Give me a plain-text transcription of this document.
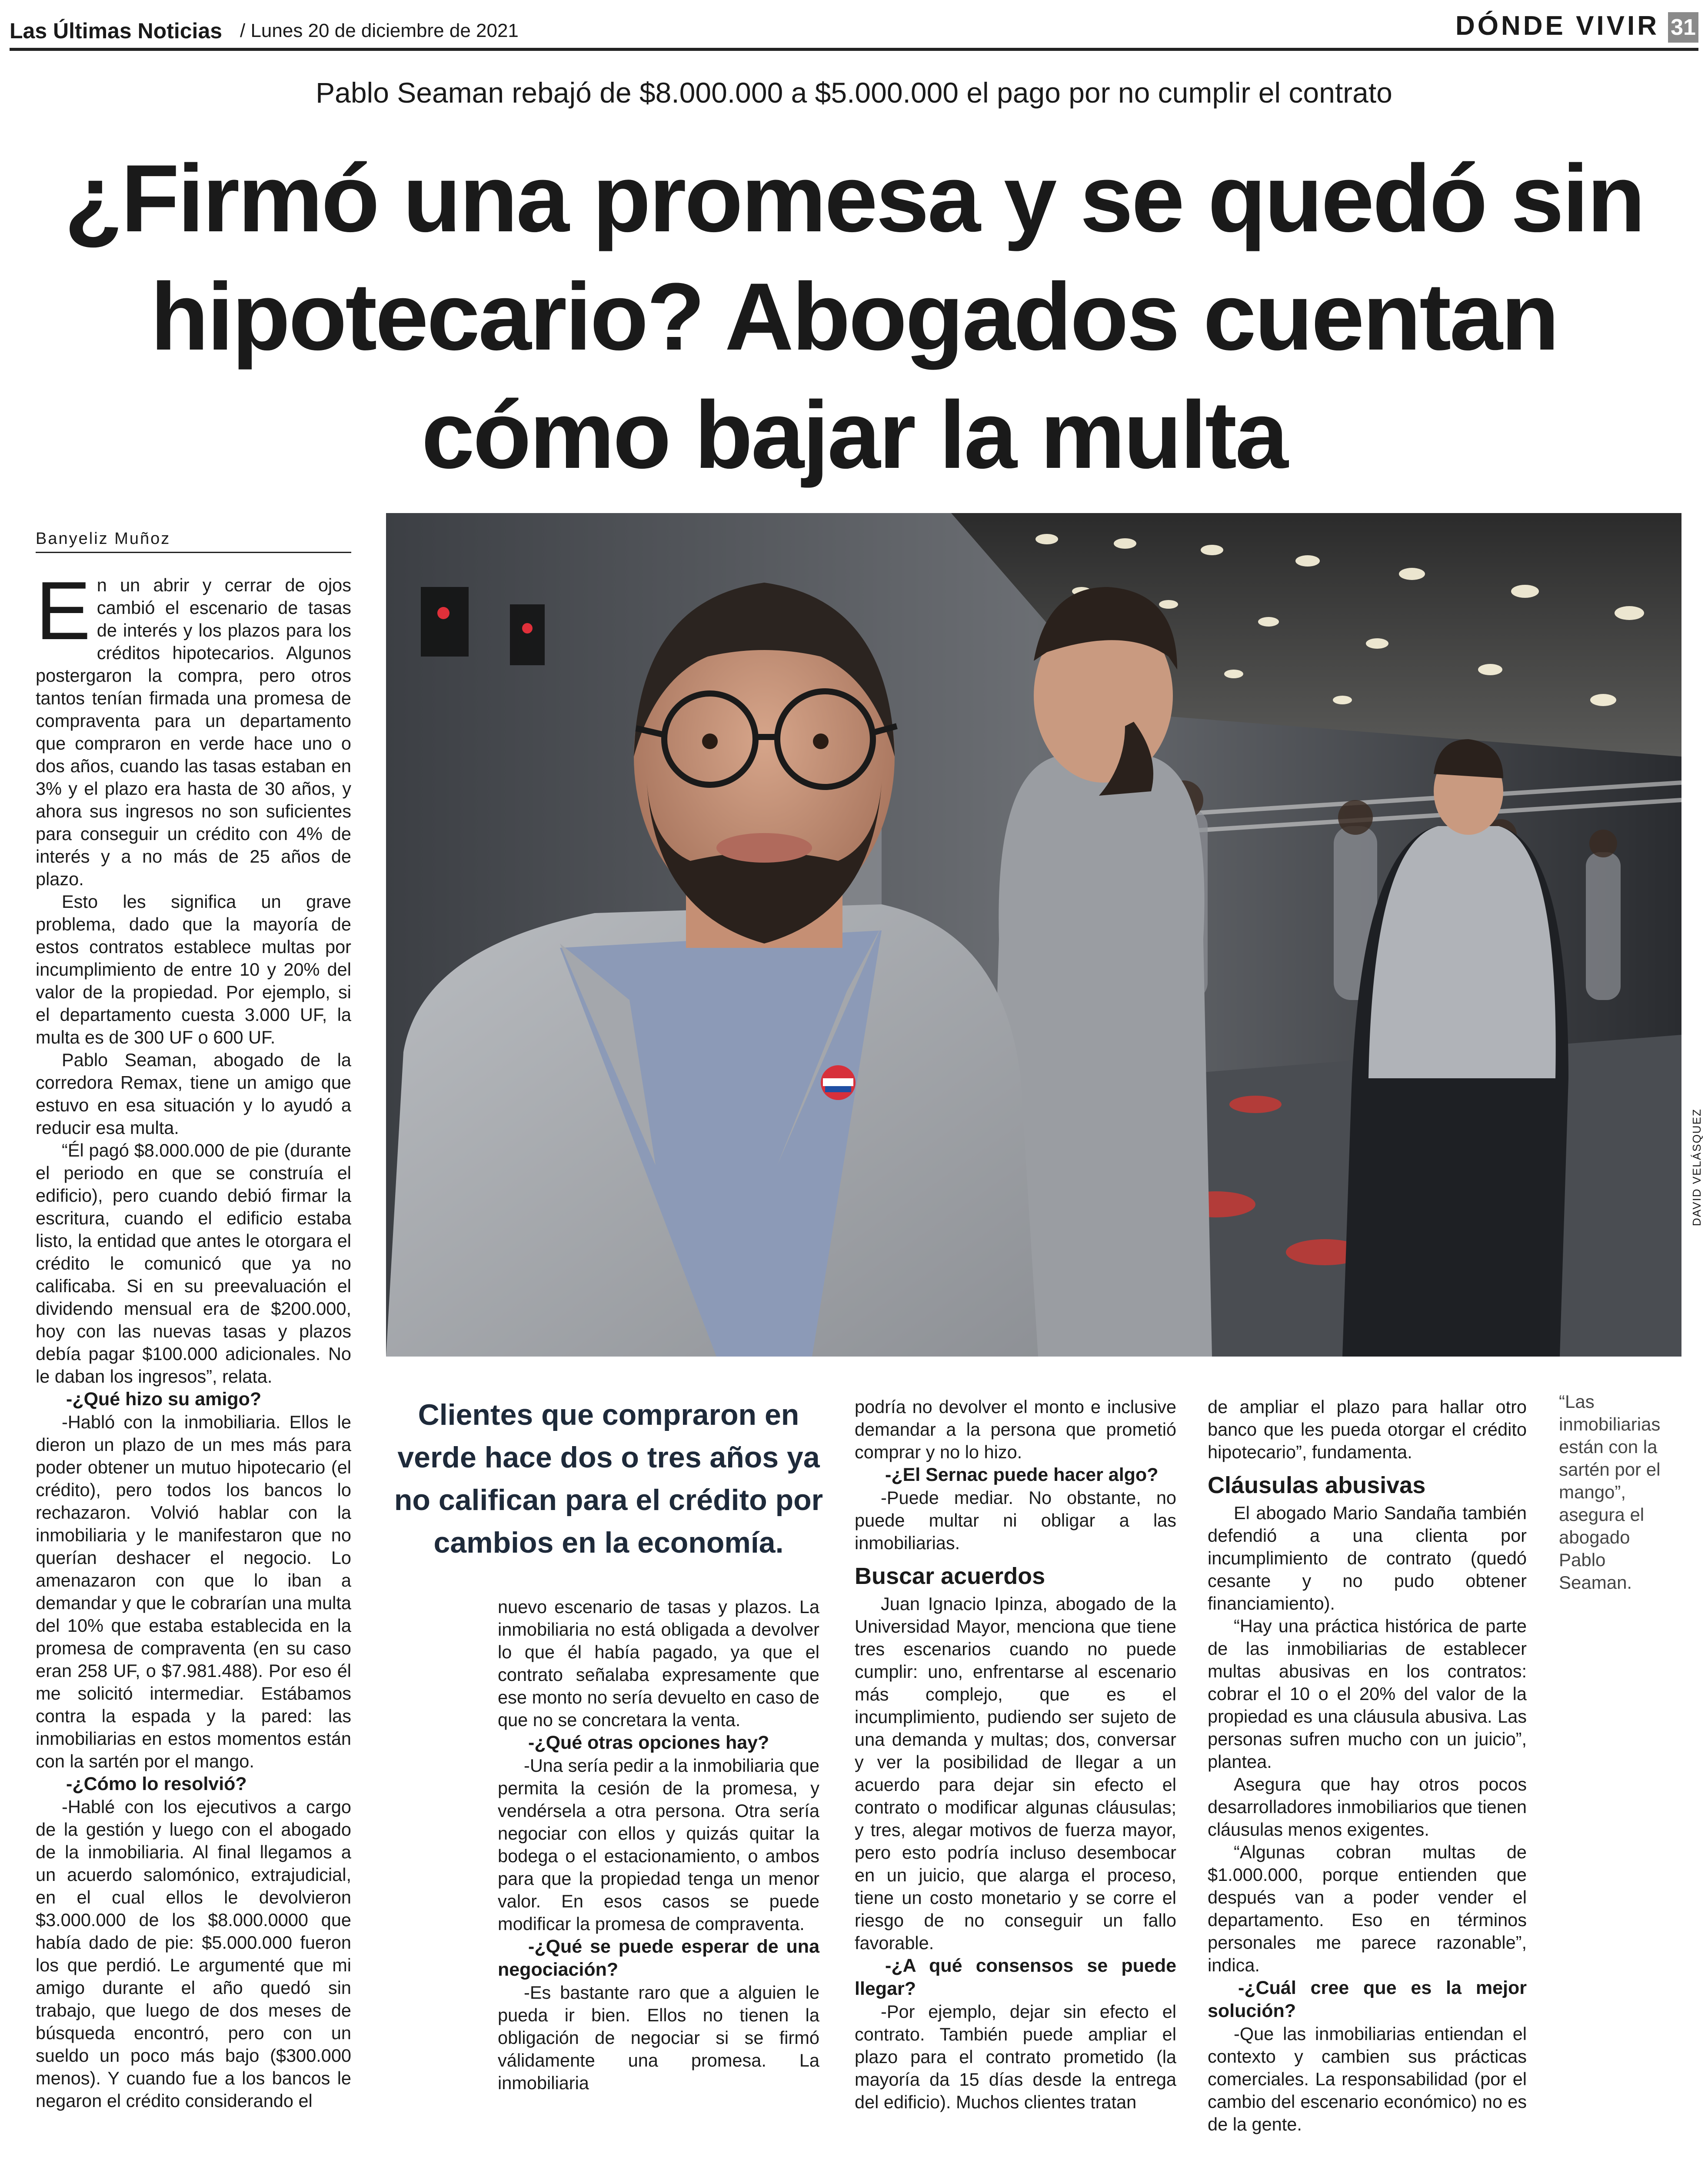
Las Últimas Noticias / Lunes 20 de diciembre de 2021	DÓNDE VIVIR 31
Pablo Seaman rebajó de $8.000.000 a $5.000.000 el pago por no cumplir el contrato
¿Firmó una promesa y se quedó sin hipotecario? Abogados cuentan cómo bajar la multa
Banyeliz Muñoz

En un abrir y cerrar de ojos cambió el escenario de tasas de interés y los plazos para los créditos hipotecarios. Algunos postergaron la compra, pero otros tantos tenían firmada una promesa de compraventa para un departamento que compraron en verde hace uno o dos años, cuando las tasas estaban en 3% y el plazo era hasta de 30 años, y ahora sus ingresos no son suficientes para conseguir un crédito con 4% de interés y a no más de 25 años de plazo.

Esto les significa un grave problema, dado que la mayoría de estos contratos establece multas por incumplimiento de entre 10 y 20% del valor de la propiedad. Por ejemplo, si el departamento cuesta 3.000 UF, la multa es de 300 UF o 600 UF.

Pablo Seaman, abogado de la corredora Remax, tiene un amigo que estuvo en esa situación y lo ayudó a reducir esa multa.

“Él pagó $8.000.000 de pie (durante el periodo en que se construía el edificio), pero cuando debió firmar la escritura, cuando el edificio estaba listo, la entidad que antes le otorgara el crédito le comunicó que ya no calificaba. Si en su preevaluación el dividendo mensual era de $200.000, hoy con las nuevas tasas y plazos debía pagar $100.000 adicionales. No le daban los ingresos”, relata.

-¿Qué hizo su amigo?

-Habló con la inmobiliaria. Ellos le dieron un plazo de un mes más para poder obtener un mutuo hipotecario (el crédito), pero todos los bancos lo rechazaron. Volvió hablar con la inmobiliaria y le manifestaron que no querían deshacer el negocio. Lo amenazaron con que lo iban a demandar y que le cobrarían una multa del 10% que estaba establecida en la promesa de compraventa (en su caso eran 258 UF, o $7.981.488). Por eso él me solicitó intermediar. Estábamos contra la espada y la pared: las inmobiliarias en estos momentos están con la sartén por el mango.

-¿Cómo lo resolvió?

-Hablé con los ejecutivos a cargo de la gestión y luego con el abogado de la inmobiliaria. Al final llegamos a un acuerdo salomónico, extrajudicial, en el cual ellos le devolvieron $3.000.000 de los $8.000.0000 que había dado de pie: $5.000.000 fueron los que perdió. Le argumenté que mi amigo durante el año quedó sin trabajo, que luego de dos meses de búsqueda encontró, pero con un sueldo un poco más bajo ($300.000 menos). Y cuando fue a los bancos le negaron el crédito considerando el

DAVID VELÁSQUEZ
Clientes que compraron en verde hace dos o tres años ya no califican para el crédito por cambios en la economía.

nuevo escenario de tasas y plazos. La inmobiliaria no está obligada a devolver lo que él había pagado, ya que el contrato señalaba expresamente que ese monto no sería devuelto en caso de que no se concretara la venta.

-¿Qué otras opciones hay?

-Una sería pedir a la inmobiliaria que permita la cesión de la promesa, y vendérsela a otra persona. Otra sería negociar con ellos y quizás quitar la bodega o el estacionamiento, o ambos para que la propiedad tenga un menor valor. En esos casos se puede modificar la promesa de compraventa.

-¿Qué se puede esperar de una negociación?

-Es bastante raro que a alguien le pueda ir bien. Ellos no tienen la obligación de negociar si se firmó válidamente una promesa. La inmobiliaria

podría no devolver el monto e inclusive demandar a la persona que prometió comprar y no lo hizo.

-¿El Sernac puede hacer algo?

-Puede mediar. No obstante, no puede multar ni obligar a las inmobiliarias.

Buscar acuerdos

Juan Ignacio Ipinza, abogado de la Universidad Mayor, menciona que tiene tres escenarios cuando no puede cumplir: uno, enfrentarse al escenario más complejo, que es el incumplimiento, pudiendo ser sujeto de una demanda y multas; dos, conversar y ver la posibilidad de llegar a un acuerdo para dejar sin efecto el contrato o modificar algunas cláusulas; y tres, alegar motivos de fuerza mayor, pero esto podría incluso desembocar en un juicio, que alarga el proceso, tiene un costo monetario y se corre el riesgo de no conseguir un fallo favorable.

-¿A qué consensos se puede llegar?

-Por ejemplo, dejar sin efecto el contrato. También puede ampliar el plazo para el contrato prometido (la mayoría da 15 días desde la entrega del edificio). Muchos clientes tratan

de ampliar el plazo para hallar otro banco que les pueda otorgar el crédito hipotecario”, fundamenta.

Cláusulas abusivas

El abogado Mario Sandaña también defendió a una clienta por incumplimiento de contrato (quedó cesante y no pudo obtener financiamiento).

“Hay una práctica histórica de parte de las inmobiliarias de establecer multas abusivas en los contratos: cobrar el 10 o el 20% del valor de la propiedad es una cláusula abusiva. Las personas sufren mucho con un juicio”, plantea.

Asegura que hay otros pocos desarrolladores inmobiliarios que tienen cláusulas menos exigentes.

“Algunas cobran multas de $1.000.000, porque entienden que después van a poder vender el departamento. Eso en términos personales me parece razonable”, indica.

-¿Cuál cree que es la mejor solución?

-Que las inmobiliarias entiendan el contexto y cambien sus prácticas comerciales. La responsabilidad (por el cambio del escenario económico) no es de la gente.

“Las inmobiliarias están con la sartén por el mango”, asegura el abogado Pablo Seaman.
